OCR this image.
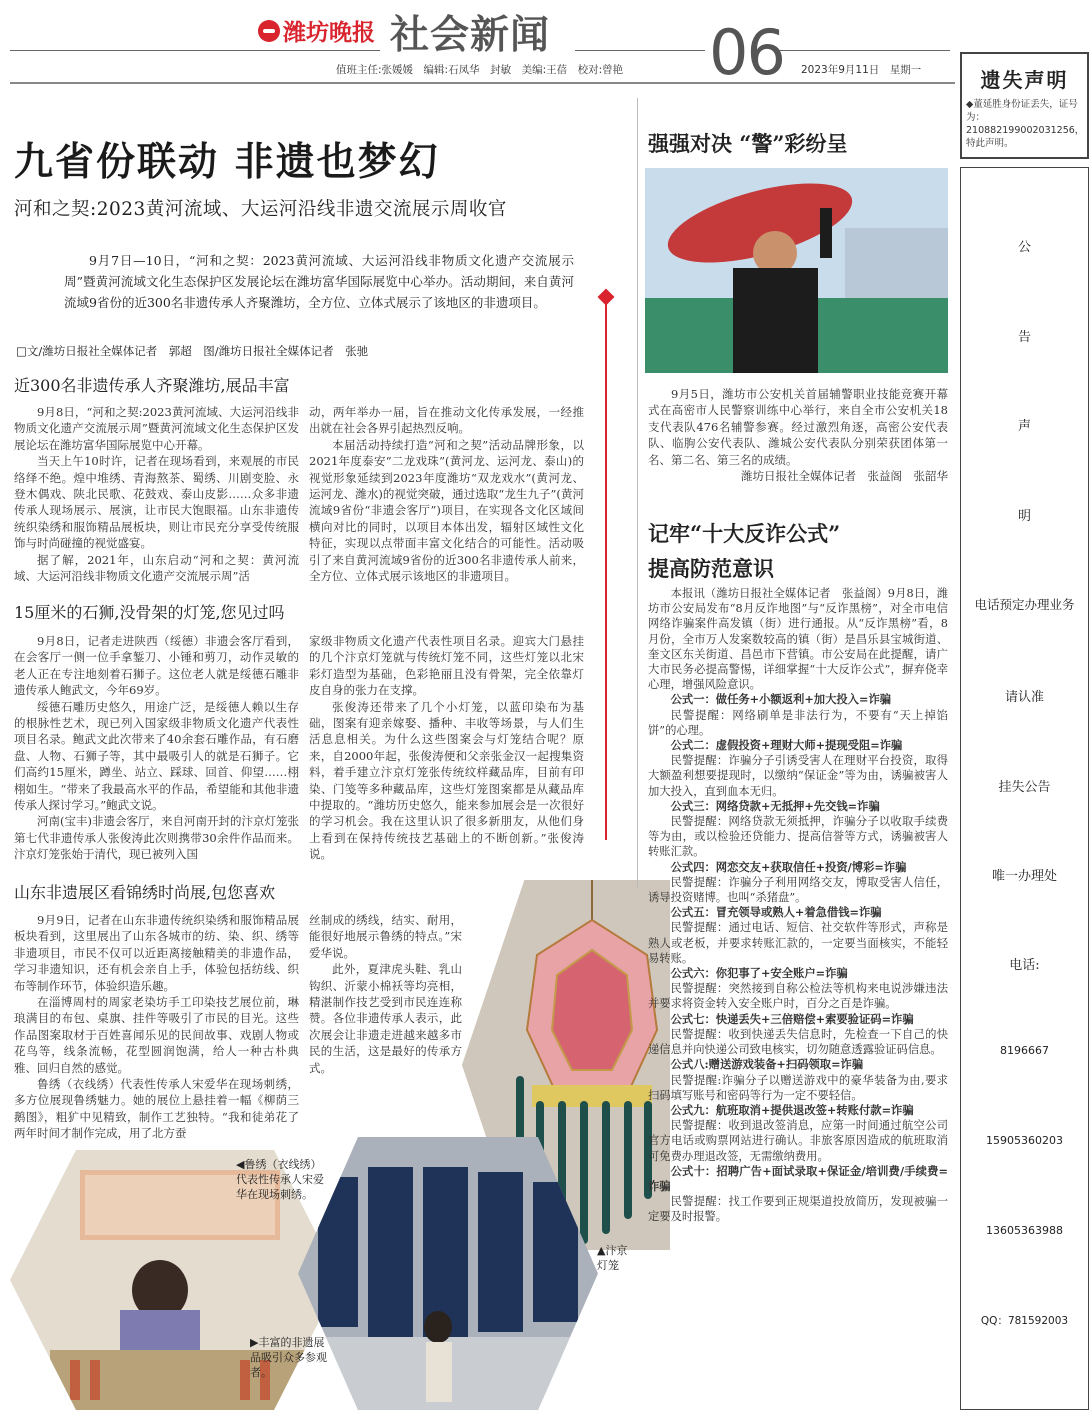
潍坊晚报 社会新闻
值班主任:张媛媛　编辑:石凤华　封敏　美编:王蓓　校对:曾艳 06 2023年9月11日　星期一	遗失声明
◆董延胜身份证丢失，证号为：210882199002031256，特此声明。
公
告
声
明
电话预定办理业务
请认准
挂失公告
唯一办理处
电话:
8196667
15905360203
13605363988
QQ：781592003
九省份联动 非遗也梦幻
河和之契:2023黄河流域、大运河沿线非遗交流展示周收官

9月7日—10日，“河和之契：2023黄河流域、大运河沿线非物质文化遗产交流展示周”暨黄河流域文化生态保护区发展论坛在潍坊富华国际展览中心举办。活动期间，来自黄河流域9省份的近300名非遗传承人齐聚潍坊，全方位、立体式展示了该地区的非遗项目。

□文/潍坊日报社全媒体记者　郭超　图/潍坊日报社全媒体记者　张驰
近300名非遗传承人齐聚潍坊,展品丰富

9月8日，“河和之契:2023黄河流域、大运河沿线非物质文化遗产交流展示周”暨黄河流域文化生态保护区发展论坛在潍坊富华国际展览中心开幕。

当天上午10时许，记者在现场看到，来观展的市民络绎不绝。煌中堆绣、青海熬茶、蜀绣、川剧变脸、永登木偶戏、陕北民歌、花鼓戏、泰山皮影……众多非遗传承人现场展示、展演，让市民大饱眼福。山东非遗传统织染绣和服饰精品展板块，则让市民充分享受传统服饰与时尚碰撞的视觉盛宴。

据了解，2021年，山东启动“河和之契：黄河流域、大运河沿线非物质文化遗产交流展示周”活

动，两年举办一届，旨在推动文化传承发展，一经推出就在社会各界引起热烈反响。

本届活动持续打造“河和之契”活动品牌形象，以2021年度泰安“二龙戏珠”(黄河龙、运河龙、泰山)的视觉形象延续到2023年度潍坊“双龙戏水”(黄河龙、运河龙、潍水)的视觉突破，通过选取“龙生九子”(黄河流域9省份“非遗会客厅”)项目，在实现各文化区域间横向对比的同时，以项目本体出发，辐射区域性文化特征，实现以点带面丰富文化结合的可能性。活动吸引了来自黄河流域9省份的近300名非遗传承人前来，全方位、立体式展示该地区的非遗项目。

15厘米的石狮,没骨架的灯笼,您见过吗

9月8日，记者走进陕西（绥德）非遗会客厅看到，在会客厅一侧一位手拿錾刀、小锤和剪刀，动作灵敏的老人正在专注地刻着石狮子。这位老人就是绥德石雕非遗传承人鲍武文，今年69岁。

绥德石雕历史悠久，用途广泛，是绥德人赖以生存的根脉性艺术，现已列入国家级非物质文化遗产代表性项目名录。鲍武文此次带来了40余套石雕作品，有石磨盘、人物、石狮子等，其中最吸引人的就是石狮子。它们高约15厘米，蹲坐、站立、踩球、回首、仰望……栩栩如生。“带来了我最高水平的作品，希望能和其他非遗传承人探讨学习。”鲍武文说。

河南(宝丰)非遗会客厅，来自河南开封的汴京灯笼张第七代非遗传承人张俊涛此次则携带30余件作品而来。汴京灯笼张始于清代，现已被列入国

家级非物质文化遗产代表性项目名录。迎宾大门悬挂的几个汴京灯笼就与传统灯笼不同，这些灯笼以北宋彩灯造型为基础，色彩艳丽且没有骨架，完全依靠灯皮自身的张力在支撑。

张俊涛还带来了几个小灯笼，以蓝印染布为基础，图案有迎亲嫁娶、播种、丰收等场景，与人们生活息息相关。为什么这些图案会与灯笼结合呢？原来，自2000年起，张俊涛便和父亲张金汉一起搜集资料，着手建立汴京灯笼张传统纹样藏品库，目前有印染、门笺等多种藏品库，这些灯笼图案都是从藏品库中提取的。“潍坊历史悠久，能来参加展会是一次很好的学习机会。我在这里认识了很多新朋友，从他们身上看到在保持传统技艺基础上的不断创新。”张俊涛说。

山东非遗展区看锦绣时尚展,包您喜欢

9月9日，记者在山东非遗传统织染绣和服饰精品展板块看到，这里展出了山东各城市的纺、染、织、绣等非遗项目，市民不仅可以近距离接触精美的非遗作品，学习非遗知识，还有机会亲自上手，体验包括纺线、织布等制作环节，体验织造乐趣。

在淄博周村的周家老染坊手工印染技艺展位前，琳琅满目的布包、桌旗、挂件等吸引了市民的目光。这些作品图案取材于百姓喜闻乐见的民间故事、戏剧人物或花鸟等，线条流畅，花型圆润饱满，给人一种古朴典雅、回归自然的感觉。

鲁绣（衣线绣）代表性传承人宋爱华在现场刺绣，多方位展现鲁绣魅力。她的展位上悬挂着一幅《柳荫三鹅图》，粗犷中见精致，制作工艺独特。“我和徒弟花了两年时间才制作完成，用了北方蚕

丝制成的绣线，结实、耐用，能很好地展示鲁绣的特点。”宋爱华说。

此外，夏津虎头鞋、乳山钩织、沂蒙小棉袄等均亮相，精湛制作技艺受到市民连连称赞。各位非遗传承人表示，此次展会让非遗走进越来越多市民的生活，这是最好的传承方式。

▲汴京灯笼
◀鲁绣（衣线绣）代表性传承人宋爱华在现场刺绣。
▶丰富的非遗展品吸引众多参观者。
强强对决 “警”彩纷呈

9月5日，潍坊市公安机关首届辅警职业技能竞赛开幕式在高密市人民警察训练中心举行，来自全市公安机关18支代表队476名辅警参赛。经过激烈角逐，高密公安代表队、临朐公安代表队、潍城公安代表队分别荣获团体第一名、第二名、第三名的成绩。

潍坊日报社全媒体记者　张益阁　张韶华

记牢“十大反诈公式”
提高防范意识

本报讯（潍坊日报社全媒体记者　张益阁）9月8日，潍坊市公安局发布“8月反诈地图”与“反诈黑榜”，对全市电信网络诈骗案件高发镇（街）进行通报。从“反诈黑榜”看，8月份，全市万人发案数较高的镇（街）是昌乐县宝城街道、奎文区东关街道、昌邑市下营镇。市公安局在此提醒，请广大市民务必提高警惕，详细掌握“十大反诈公式”，摒弃侥幸心理，增强风险意识。

公式一：做任务+小额返利+加大投入=诈骗

民警提醒：网络刷单是非法行为，不要有“天上掉馅饼”的心理。

公式二：虚假投资+理财大师+提现受阻=诈骗

民警提醒：诈骗分子引诱受害人在理财平台投资，取得大额盈利想要提现时，以缴纳“保证金”等为由，诱骗被害人加大投入，直到血本无归。

公式三：网络贷款+无抵押+先交钱=诈骗

民警提醒：网络贷款无须抵押，诈骗分子以收取手续费等为由，或以检验还贷能力、提高信誉等方式，诱骗被害人转账汇款。

公式四：网恋交友+获取信任+投资/博彩=诈骗

民警提醒：诈骗分子利用网络交友，博取受害人信任，诱导投资赌博。也叫“杀猪盘”。

公式五：冒充领导或熟人+着急借钱=诈骗

民警提醒：通过电话、短信、社交软件等形式，声称是熟人或老板，并要求转账汇款的，一定要当面核实，不能轻易转账。

公式六：你犯事了+安全账户=诈骗

民警提醒：突然接到自称公检法等机构来电说涉嫌违法并要求将资金转入安全账户时，百分之百是诈骗。

公式七：快递丢失+三倍赔偿+索要验证码=诈骗

民警提醒：收到快递丢失信息时，先检查一下自己的快递信息并向快递公司致电核实，切勿随意透露验证码信息。

公式八:赠送游戏装备+扫码领取=诈骗

民警提醒:诈骗分子以赠送游戏中的豪华装备为由,要求扫码填写账号和密码等行为一定不要轻信。

公式九：航班取消+提供退改签+转账付款=诈骗

民警提醒：收到退改签消息，应第一时间通过航空公司官方电话或购票网站进行确认。非旅客原因造成的航班取消可免费办理退改签，无需缴纳费用。

公式十：招聘广告+面试录取+保证金/培训费/手续费=诈骗

民警提醒：找工作要到正规渠道投放简历，发现被骗一定要及时报警。
